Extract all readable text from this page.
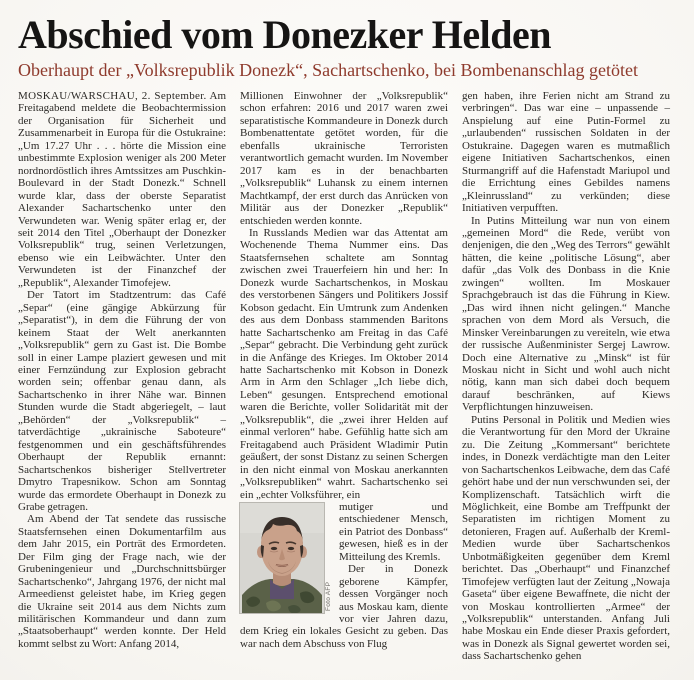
Abschied vom Donezker Helden
Oberhaupt der „Volksrepublik Donezk“, Sachartschenko, bei Bombenanschlag getötet

MOSKAU/WARSCHAU, 2. September. Am Freitagabend meldete die Beobachtermission der Organisation für Sicherheit und Zusammenarbeit in Europa für die Ostukraine: „Um 17.27 Uhr . . . hörte die Mission eine unbestimmte Explosion weniger als 200 Meter nordnordöstlich ihres Amtssitzes am Puschkin-Boulevard in der Stadt Donezk.“ Schnell wurde klar, dass der oberste Separatist Alexander Sachartschenko unter den Verwundeten war. Wenig später erlag er, der seit 2014 den Titel „Oberhaupt der Donezker Volksrepublik“ trug, seinen Verletzungen, ebenso wie ein Leibwächter. Unter den Verwundeten ist der Finanzchef der „Republik“, Alexander Timofejew.

Der Tatort im Stadtzentrum: das Café „Separ“ (eine gängige Abkürzung für „Separatist“), in dem die Führung der von keinem Staat der Welt anerkannten „Volksrepublik“ gern zu Gast ist. Die Bombe soll in einer Lampe plaziert gewesen und mit einer Fernzündung zur Explosion gebracht worden sein; offenbar genau dann, als Sachartschenko in ihrer Nähe war. Binnen Stunden wurde die Stadt abgeriegelt, – laut „Behörden“ der „Volksrepublik“ – tatverdächtige „ukrainische Saboteure“ festgenommen und ein geschäftsführendes Oberhaupt der Republik ernannt: Sachartschenkos bisheriger Stellvertreter Dmytro Trapesnikow. Schon am Sonntag wurde das ermordete Oberhaupt in Donezk zu Grabe getragen.

Am Abend der Tat sendete das russische Staatsfernsehen einen Dokumentarfilm aus dem Jahr 2015, ein Porträt des Ermordeten. Der Film ging der Frage nach, wie der Grubeningenieur und „Durchschnittsbürger Sachartschenko“, Jahrgang 1976, der nicht mal Armeedienst geleistet habe, im Krieg gegen die Ukraine seit 2014 aus dem Nichts zum militärischen Kommandeur und dann zum „Staatsoberhaupt“ werden konnte. Der Held kommt selbst zu Wort: Anfang 2014,

Millionen Einwohner der „Volksrepublik“ schon erfahren: 2016 und 2017 waren zwei separatistische Kommandeure in Donezk durch Bombenattentate getötet worden, für die ebenfalls ukrainische Terroristen verantwortlich gemacht wurden. Im November 2017 kam es in der benachbarten „Volksrepublik“ Luhansk zu einem internen Machtkampf, der erst durch das Anrücken von Militär aus der Donezker „Republik“ entschieden werden konnte.

In Russlands Medien war das Attentat am Wochenende Thema Nummer eins. Das Staatsfernsehen schaltete am Sonntag zwischen zwei Trauerfeiern hin und her: In Donezk wurde Sachartschenkos, in Moskau des verstorbenen Sängers und Politikers Jossif Kobson gedacht. Ein Umtrunk zum Andenken des aus dem Donbass stammenden Baritons hatte Sachartschenko am Freitag in das Café „Separ“ gebracht. Die Verbindung geht zurück in die Anfänge des Krieges. Im Oktober 2014 hatte Sachartschenko mit Kobson in Donezk Arm in Arm den Schlager „Ich liebe dich, Leben“ gesungen. Entsprechend emotional waren die Berichte, voller Solidarität mit der „Volksrepublik“, die „zwei ihrer Helden auf einmal verloren“ habe. Gefühlig hatte sich am Freitagabend auch Präsident Wladimir Putin geäußert, der sonst Distanz zu seinen Schergen in den nicht einmal von Moskau anerkannten „Volksrepubliken“ wahrt. Sachartschenko sei ein „echter Volksführer, ein

Foto AFP

mutiger und entschiedener Mensch, ein Patriot des Donbass“ gewesen, hieß es in der Mitteilung des Kremls.

Der in Donezk geborene Kämpfer, dessen Vorgänger noch aus Moskau kam, diente vor vier Jahren dazu, dem Krieg ein lokales Gesicht zu geben. Das war nach dem Abschuss von Flug

gen haben, ihre Ferien nicht am Strand zu verbringen“. Das war eine – unpassende – Anspielung auf eine Putin-Formel zu „urlaubenden“ russischen Soldaten in der Ostukraine. Dagegen waren es mutmaßlich eigene Initiativen Sachartschenkos, einen Sturmangriff auf die Hafenstadt Mariupol und die Errichtung eines Gebildes namens „Kleinrussland“ zu verkünden; diese Initiativen verpufften.

In Putins Mitteilung war nun von einem „gemeinen Mord“ die Rede, verübt von denjenigen, die den „Weg des Terrors“ gewählt hätten, die keine „politische Lösung“, aber dafür „das Volk des Donbass in die Knie zwingen“ wollten. Im Moskauer Sprachgebrauch ist das die Führung in Kiew. „Das wird ihnen nicht gelingen.“ Manche sprachen von dem Mord als Versuch, die Minsker Vereinbarungen zu vereiteln, wie etwa der russische Außenminister Sergej Lawrow. Doch eine Alternative zu „Minsk“ ist für Moskau nicht in Sicht und wohl auch nicht nötig, kann man sich dabei doch bequem darauf beschränken, auf Kiews Verpflichtungen hinzuweisen.

Putins Personal in Politik und Medien wies die Verantwortung für den Mord der Ukraine zu. Die Zeitung „Kommersant“ berichtete indes, in Donezk verdächtigte man den Leiter von Sachartschenkos Leibwache, dem das Café gehört habe und der nun verschwunden sei, der Komplizenschaft. Tatsächlich wirft die Möglichkeit, eine Bombe am Treffpunkt der Separatisten im richtigen Moment zu detonieren, Fragen auf. Außerhalb der Kreml-Medien wurde über Sachartschenkos Unbotmäßigkeiten gegenüber dem Kreml berichtet. Das „Oberhaupt“ und Finanzchef Timofejew verfügten laut der Zeitung „Nowaja Gaseta“ über eigene Bewaffnete, die nicht der von Moskau kontrollierten „Armee“ der „Volksrepublik“ unterstanden. Anfang Juli habe Moskau ein Ende dieser Praxis gefordert, was in Donezk als Signal gewertet worden sei, dass Sachartschenko gehen
